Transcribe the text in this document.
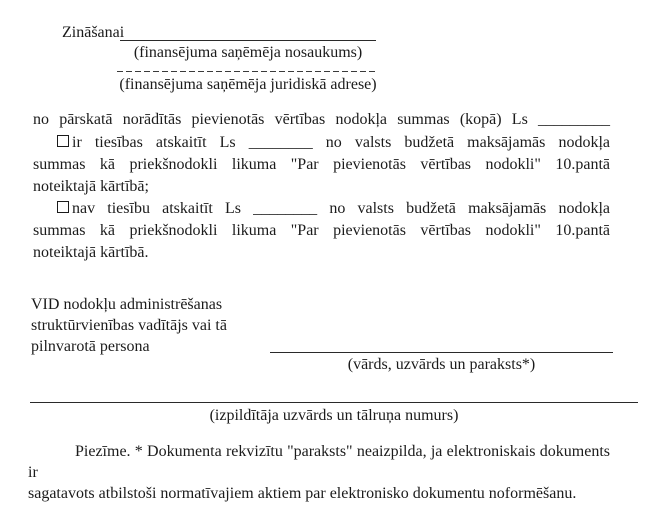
Zināšanai
(finansējuma saņēmēja nosaukums)
(finansējuma saņēmēja juridiskā adrese)
no pārskatā norādītās pievienotās vērtības nodokļa summas (kopā) Ls _________
ir tiesības atskaitīt Ls ________ no valsts budžetā maksājamās nodokļa
summas kā priekšnodokli likuma "Par pievienotās vērtības nodokli" 10.pantā
noteiktajā kārtībā;
nav tiesību atskaitīt Ls ________ no valsts budžetā maksājamās nodokļa
summas kā priekšnodokli likuma "Par pievienotās vērtības nodokli" 10.pantā
noteiktajā kārtībā.
VID nodokļu administrēšanas
struktūrvienības vadītājs vai tā
pilnvarotā persona
(vārds, uzvārds un paraksts*)
(izpildītāja uzvārds un tālruņa numurs)
Piezīme. * Dokumenta rekvizītu "paraksts" neaizpilda, ja elektroniskais dokuments ir
sagatavots atbilstoši normatīvajiem aktiem par elektronisko dokumentu noformēšanu.
